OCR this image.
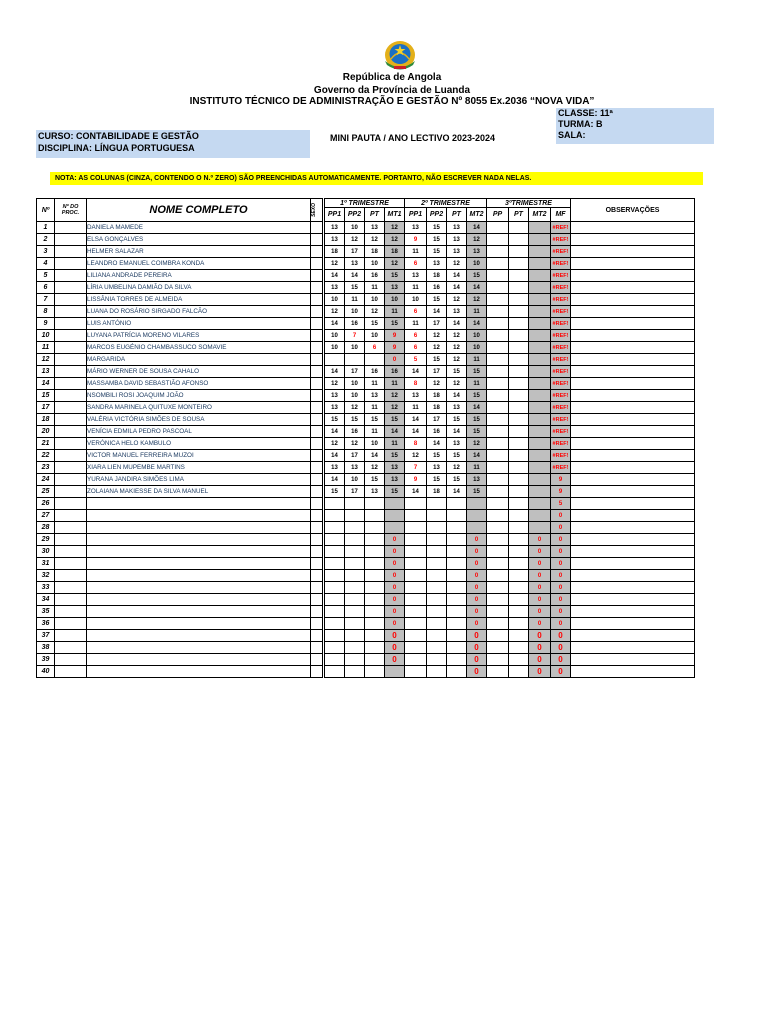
República de Angola
Governo da Província de Luanda
INSTITUTO TÉCNICO DE ADMINISTRAÇÃO E GESTÃO Nº 8055 Ex.2036 “NOVA VIDA”
CLASSE: 11ª
TURMA: B
SALA:
CURSO: CONTABILIDADE E GESTÃO
DISCIPLINA: LÍNGUA PORTUGUESA
MINI PAUTA / ANO LECTIVO 2023-2024
NOTA: AS COLUNAS (CINZA, CONTENDO O N.º ZERO) SÃO PREENCHIDAS AUTOMATICAMENTE. PORTANTO, NÃO ESCREVER NADA NELAS.
Nº	Nº DO PROC.	NOME COMPLETO	SEXO		1º TRIMESTRE				2º TRIMESTRE				3ºTRIMESTRE				OBSERVAÇÕES
					PP1	PP2	PT	MT1	PP1	PP2	PT	MT2	PP	PT	MT2	MF	
1		DANIELA MAMEDE			13	10	13	12	13	15	13	14				#REF!	
2		ELSA GONÇALVES			13	12	12	12	9	15	13	12				#REF!	
3		HELMER SALAZAR			18	17	18	18	11	15	13	13				#REF!	
4		LEANDRO EMANUEL COIMBRA KONDA			12	13	10	12	6	13	12	10				#REF!	
5		LILIANA ANDRADE PEREIRA			14	14	16	15	13	18	14	15				#REF!	
6		LÍRIA UMBELINA DAMIÃO DA SILVA			13	15	11	13	11	16	14	14				#REF!	
7		LISSÂNIA TORRES DE ALMEIDA			10	11	10	10	10	15	12	12				#REF!	
8		LUANA DO ROSÁRIO SIRGADO FALCÃO			12	10	12	11	6	14	13	11				#REF!	
9		LUIS ANTÓNIO			14	16	15	15	11	17	14	14				#REF!	
10		LUYANA PATRÍCIA MORENO VILARES			10	7	10	9	6	12	12	10				#REF!	
11		MARCOS EUGÉNIO CHAMBASSUCO SOMAVIE			10	10	6	9	6	12	12	10				#REF!	
12		MARGARIDA						0	5	15	12	11				#REF!	
13		MÁRIO WERNER DE SOUSA CAHALO			14	17	16	16	14	17	15	15				#REF!	
14		MASSAMBA DAVID SEBASTIÃO AFONSO			12	10	11	11	8	12	12	11				#REF!	
15		NSOMBILI ROSI JOAQUIM JOÃO			13	10	13	12	13	18	14	15				#REF!	
17		SANDRA MARINELA QUITUXE MONTEIRO			13	12	11	12	11	18	13	14				#REF!	
18		VALÉRIA VICTÓRIA SIMÕES DE SOUSA			15	15	15	15	14	17	15	15				#REF!	
20		VENÍCIA EDMILA PEDRO PASCOAL			14	16	11	14	14	16	14	15				#REF!	
21		VERÓNICA HELO KAMBULO			12	12	10	11	8	14	13	12				#REF!	
22		VICTOR MANUEL FERREIRA MUZOI			14	17	14	15	12	15	15	14				#REF!	
23		XIARA LIEN MUPEMBE MARTINS			13	13	12	13	7	13	12	11				#REF!	
24		YURANA JANDIRA SIMÕES LIMA			14	10	15	13	9	15	15	13				9	
25		ZOLAIANA MAKIESSE DA SILVA MANUEL			15	17	13	15	14	18	14	15				9	
26																5	
27																0	
28																0	
29								0				0			0	0	
30								0				0			0	0	
31								0				0			0	0	
32								0				0			0	0	
33								0				0			0	0	
34								0				0			0	0	
35								0				0			0	0	
36								0				0			0	0	
37								0				0			0	0	
38								0				0			0	0	
39								0				0			0	0	
40												0			0	0	
